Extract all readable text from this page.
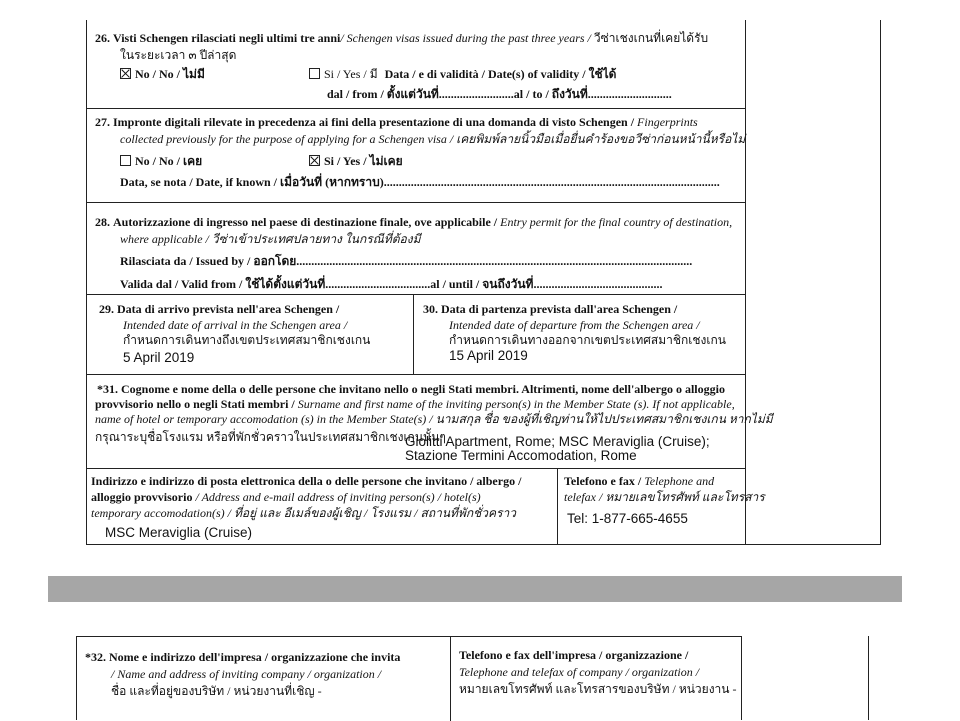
26. Visti Schengen rilasciati negli ultimi tre anni/ Schengen visas issued during the past three years / วีซ่าเชงเกนที่เคยได้รับ
ในระยะเวลา ๓ ปีล่าสุด
No / No / ไม่มี	Si / Yes / มี Data / e di validità / Date(s) of validity / ใช้ได้
dal / from / ตั้งแต่วันที่.........................al / to / ถึงวันที่............................
27. Impronte digitali rilevate in precedenza ai fini della presentazione di una domanda di visto Schengen / Fingerprints
collected previously for the purpose of applying for a Schengen visa / เคยพิมพ์ลายนิ้วมือเมื่อยื่นคำร้องขอวีซ่าก่อนหน้านี้หรือไม่
No / No / เคย	Si / Yes / ไม่เคย
Data, se nota / Date, if known / เมื่อวันที่ (หากทราบ)................................................................................................................
28. Autorizzazione di ingresso nel paese di destinazione finale, ove applicabile / Entry permit for the final country of destination,
where applicable / วีซ่าเข้าประเทศปลายทาง ในกรณีที่ต้องมี
Rilasciata da / Issued by / ออกโดย....................................................................................................................................
Valida dal / Valid from / ใช้ได้ตั้งแต่วันที่...................................al / until / จนถึงวันที่...........................................
29. Data di arrivo prevista nell'area Schengen /
Intended date of arrival in the Schengen area /
กำหนดการเดินทางถึงเขตประเทศสมาชิกเชงเกน
5 April 2019
30. Data di partenza prevista dall'area Schengen /
Intended date of departure from the Schengen area /
กำหนดการเดินทางออกจากเขตประเทศสมาชิกเชงเกน
15 April 2019
*31. Cognome e nome della o delle persone che invitano nello o negli Stati membri. Altrimenti, nome dell'albergo o alloggio
provvisorio nello o negli Stati membri / Surname and first name of the inviting person(s) in the Member State (s). If not applicable,
name of hotel or temporary accomodation (s) in the Member State(s) / นามสกุล ชื่อ ของผู้ที่เชิญท่านให้ไปประเทศสมาชิกเชงเกน หากไม่มี
กรุณาระบุชื่อโรงแรม หรือที่พักชั่วคราวในประเทศสมาชิกเชงเกนนั้นๆ
Giolitti Apartment, Rome; MSC Meraviglia (Cruise);
Stazione Termini Accomodation, Rome
Indirizzo e indirizzo di posta elettronica della o delle persone che invitano / albergo /
alloggio provvisorio / Address and e-mail address of inviting person(s) / hotel(s)
temporary accomodation(s) / ที่อยู่ และ อีเมล์ของผู้เชิญ / โรงแรม / สถานที่พักชั่วคราว
MSC Meraviglia (Cruise)
Telefono e fax / Telephone and
telefax / หมายเลขโทรศัพท์ และโทรสาร
Tel: 1-877-665-4655
*32. Nome e indirizzo dell'impresa / organizzazione che invita
/ Name and address of inviting company / organization /
ชื่อ และที่อยู่ของบริษัท / หน่วยงานที่เชิญ -
Telefono e fax dell'impresa / organizzazione /
Telephone and telefax of company / organization /
หมายเลขโทรศัพท์ และโทรสารของบริษัท / หน่วยงาน -
